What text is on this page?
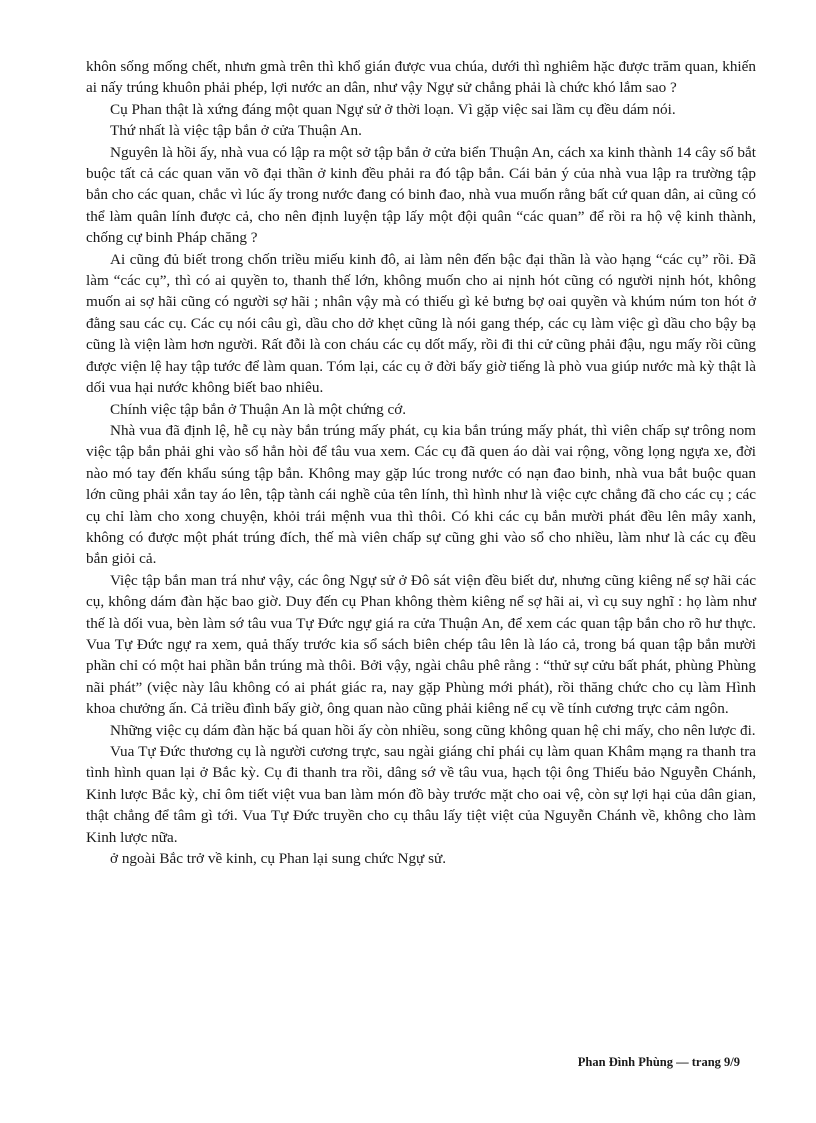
khôn sống mống chết, nhưn gmà trên thì khổ gián được vua chúa, dưới thì nghiêm hặc được trăm quan, khiến ai nấy trúng khuôn phải phép, lợi nước an dân, như vậy Ngự sử chẳng phải là chức khó lắm sao ?

Cụ Phan thật là xứng đáng một quan Ngự sử ở thời loạn. Vì gặp việc sai lầm cụ đều dám nói.

Thứ nhất là việc tập bắn ở cửa Thuận An.

Nguyên là hồi ấy, nhà vua có lập ra một sở tập bắn ở cửa biển Thuận An, cách xa kinh thành 14 cây số bắt buộc tất cả các quan văn võ đại thần ở kinh đều phải ra đó tập bắn. Cái bản ý của nhà vua lập ra trường tập bắn cho các quan, chắc vì lúc ấy trong nước đang có binh đao, nhà vua muốn rằng bất cứ quan dân, ai cũng có thể làm quân lính được cả, cho nên định luyện tập lấy một đội quân “các quan” để rồi ra hộ vệ kinh thành, chống cự binh Pháp chăng ?

Ai cũng đủ biết trong chốn triều miếu kinh đô, ai làm nên đến bậc đại thần là vào hạng “các cụ” rồi. Đã làm “các cụ”, thì có ai quyền to, thanh thế lớn, không muốn cho ai nịnh hót cũng có người nịnh hót, không muốn ai sợ hãi cũng có người sợ hãi ; nhân vậy mà có thiếu gì kẻ bưng bợ oai quyền và khúm núm ton hót ở đằng sau các cụ. Các cụ nói câu gì, dầu cho dở khẹt cũng là nói gang thép, các cụ làm việc gì dầu cho bậy bạ cũng là viện làm hơn người. Rất đỗi là con cháu các cụ dốt mấy, rồi đi thi cử cũng phải đậu, ngu mấy rồi cũng được viện lệ hay tập tước để làm quan. Tóm lại, các cụ ở đời bấy giờ tiếng là phò vua giúp nước mà kỳ thật là dối vua hại nước không biết bao nhiêu.

Chính việc tập bắn ở Thuận An là một chứng cớ.

Nhà vua đã định lệ, hễ cụ này bắn trúng mấy phát, cụ kia bắn trúng mấy phát, thì viên chấp sự trông nom việc tập bắn phải ghi vào sổ hẳn hòi để tâu vua xem. Các cụ đã quen áo dài vai rộng, võng lọng ngựa xe, đời nào mó tay đến khẩu súng tập bắn. Không may gặp lúc trong nước có nạn đao binh, nhà vua bắt buộc quan lớn cũng phải xắn tay áo lên, tập tành cái nghề của tên lính, thì hình như là việc cực chẳng đã cho các cụ ; các cụ chỉ làm cho xong chuyện, khỏi trái mệnh vua thì thôi. Có khi các cụ bắn mười phát đều lên mây xanh, không có được một phát trúng đích, thế mà viên chấp sự cũng ghi vào sổ cho nhiều, làm như là các cụ đều bắn giỏi cả.

Việc tập bắn man trá như vậy, các ông Ngự sử ở Đô sát viện đều biết dư, nhưng cũng kiêng nể sợ hãi các cụ, không dám đàn hặc bao giờ. Duy đến cụ Phan không thèm kiêng nể sợ hãi ai, vì cụ suy nghĩ : họ làm như thế là dối vua, bèn làm sớ tâu vua Tự Đức ngự giá ra cửa Thuận An, để xem các quan tập bắn cho rõ hư thực. Vua Tự Đức ngự ra xem, quả thấy trước kia sổ sách biên chép tâu lên là láo cả, trong bá quan tập bắn mười phần chỉ có một hai phần bắn trúng mà thôi. Bởi vậy, ngài châu phê rằng : “thử sự cửu bất phát, phùng Phùng nãi phát” (việc này lâu không có ai phát giác ra, nay gặp Phùng mới phát), rồi thăng chức cho cụ làm Hình khoa chưởng ấn. Cả triều đình bấy giờ, ông quan nào cũng phải kiêng nể cụ về tính cương trực cảm ngôn.

Những việc cụ dám đàn hặc bá quan hồi ấy còn nhiều, song cũng không quan hệ chi mấy, cho nên lược đi.

Vua Tự Đức thương cụ là người cương trực, sau ngài giáng chỉ phái cụ làm quan Khâm mạng ra thanh tra tình hình quan lại ở Bắc kỳ. Cụ đi thanh tra rồi, dâng sớ về tâu vua, hạch tội ông Thiếu bảo Nguyễn Chánh, Kinh lược Bắc kỳ, chỉ ôm tiết việt vua ban làm món đồ bày trước mặt cho oai vệ, còn sự lợi hại của dân gian, thật chẳng để tâm gì tới. Vua Tự Đức truyền cho cụ thâu lấy tiệt việt của Nguyễn Chánh về, không cho làm Kinh lược nữa.

ở ngoài Bắc trở về kinh, cụ Phan lại sung chức Ngự sử.

Phan Đình Phùng — trang 9/9
